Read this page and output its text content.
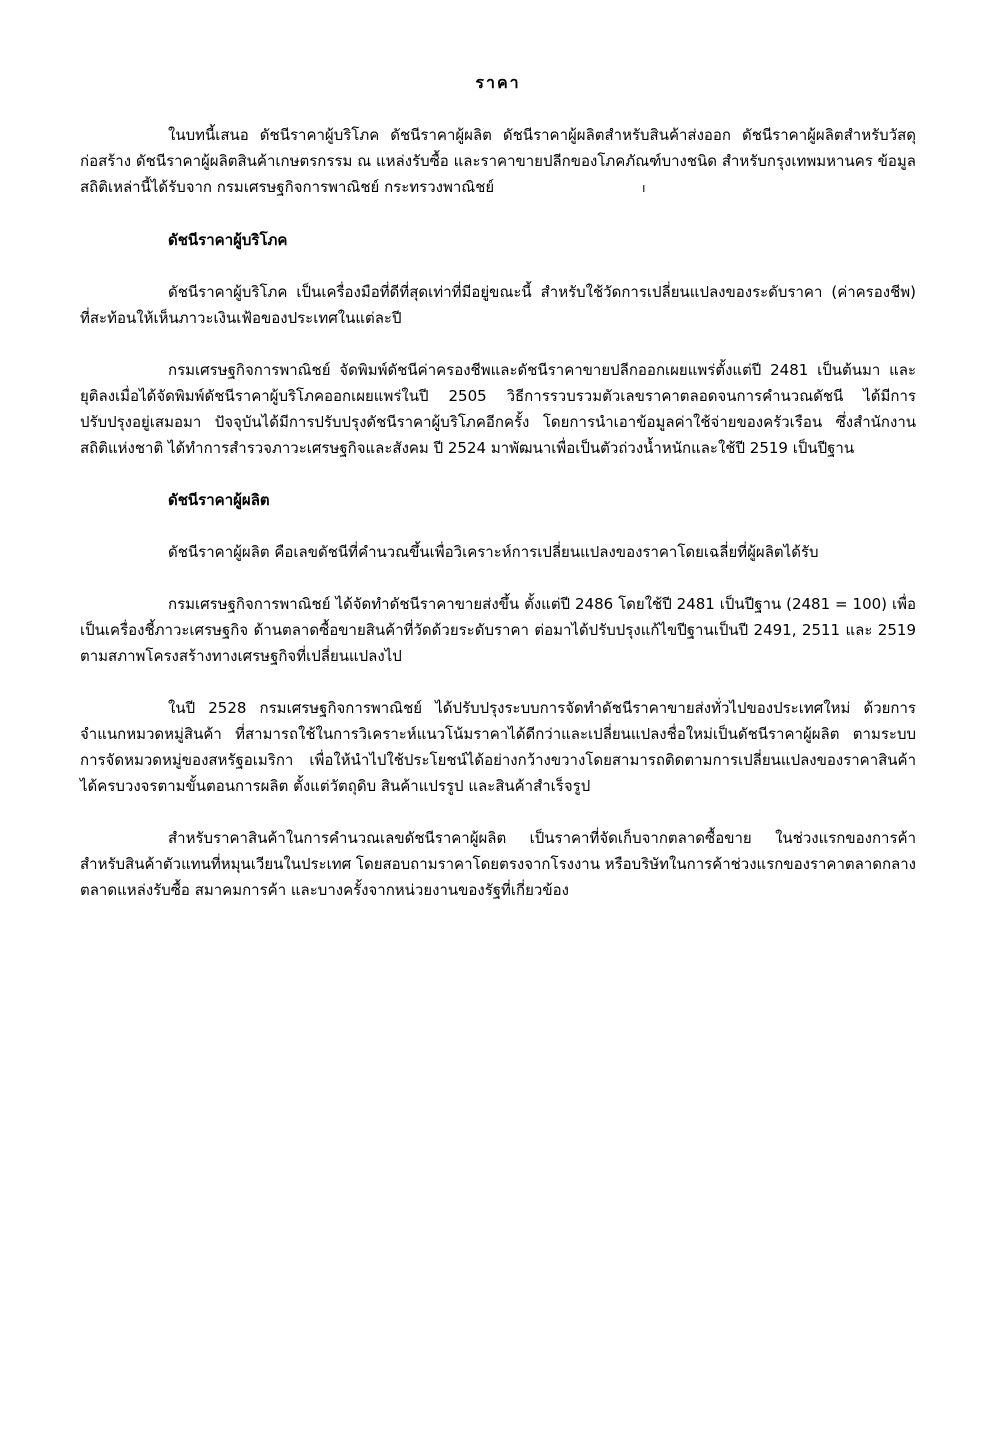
ราคา

ในบทนี้เสนอ ดัชนีราคาผู้บริโภค ดัชนีราคาผู้ผลิต ดัชนีราคาผู้ผลิตสำหรับสินค้าส่งออก ดัชนีราคาผู้ผลิตสำหรับวัสดุก่อสร้าง ดัชนีราคาผู้ผลิตสินค้าเกษตรกรรม ณ แหล่งรับซื้อ และราคาขายปลีกของโภคภัณฑ์บางชนิด สำหรับกรุงเทพมหานคร ข้อมูลสถิติเหล่านี้ได้รับจาก กรมเศรษฐกิจการพาณิชย์ กระทรวงพาณิชย์	ı

ดัชนีราคาผู้บริโภค

ดัชนีราคาผู้บริโภค เป็นเครื่องมือที่ดีที่สุดเท่าที่มีอยู่ขณะนี้ สำหรับใช้วัดการเปลี่ยนแปลงของระดับราคา (ค่าครองชีพ) ที่สะท้อนให้เห็นภาวะเงินเฟ้อของประเทศในแต่ละปี

กรมเศรษฐกิจการพาณิชย์ จัดพิมพ์ดัชนีค่าครองชีพและดัชนีราคาขายปลีกออกเผยแพร่ตั้งแต่ปี 2481 เป็นต้นมา และยุติลงเมื่อได้จัดพิมพ์ดัชนีราคาผู้บริโภคออกเผยแพร่ในปี 2505 วิธีการรวบรวมตัวเลขราคาตลอดจนการคำนวณดัชนี ได้มีการปรับปรุงอยู่เสมอมา ปัจจุบันได้มีการปรับปรุงดัชนีราคาผู้บริโภคอีกครั้ง โดยการนำเอาข้อมูลค่าใช้จ่ายของครัวเรือน ซึ่งสำนักงานสถิติแห่งชาติ ได้ทำการสำรวจภาวะเศรษฐกิจและสังคม ปี 2524 มาพัฒนาเพื่อเป็นตัวถ่วงน้ำหนักและใช้ปี 2519 เป็นปีฐาน

ดัชนีราคาผู้ผลิต

ดัชนีราคาผู้ผลิต คือเลขดัชนีที่คำนวณขึ้นเพื่อวิเคราะห์การเปลี่ยนแปลงของราคาโดยเฉลี่ยที่ผู้ผลิตได้รับ

กรมเศรษฐกิจการพาณิชย์ ได้จัดทำดัชนีราคาขายส่งขึ้น ตั้งแต่ปี 2486 โดยใช้ปี 2481 เป็นปีฐาน (2481 = 100) เพื่อเป็นเครื่องชี้ภาวะเศรษฐกิจ ด้านตลาดซื้อขายสินค้าที่วัดด้วยระดับราคา ต่อมาได้ปรับปรุงแก้ไขปีฐานเป็นปี 2491, 2511 และ 2519 ตามสภาพโครงสร้างทางเศรษฐกิจที่เปลี่ยนแปลงไป

ในปี 2528 กรมเศรษฐกิจการพาณิชย์ ได้ปรับปรุงระบบการจัดทำดัชนีราคาขายส่งทั่วไปของประเทศใหม่ ด้วยการจำแนกหมวดหมู่สินค้า ที่สามารถใช้ในการวิเคราะห์แนวโน้มราคาได้ดีกว่าและเปลี่ยนแปลงชื่อใหม่เป็นดัชนีราคาผู้ผลิต ตามระบบการจัดหมวดหมู่ของสหรัฐอเมริกา เพื่อให้นำไปใช้ประโยชน์ได้อย่างกว้างขวางโดยสามารถติดตามการเปลี่ยนแปลงของราคาสินค้าได้ครบวงจรตามขั้นตอนการผลิต ตั้งแต่วัตถุดิบ สินค้าแปรรูป และสินค้าสำเร็จรูป

สำหรับราคาสินค้าในการคำนวณเลขดัชนีราคาผู้ผลิต เป็นราคาที่จัดเก็บจากตลาดซื้อขาย ในช่วงแรกของการค้า สำหรับสินค้าตัวแทนที่หมุนเวียนในประเทศ โดยสอบถามราคาโดยตรงจากโรงงาน หรือบริษัทในการค้าช่วงแรกของราคาตลาดกลาง ตลาดแหล่งรับซื้อ สมาคมการค้า และบางครั้งจากหน่วยงานของรัฐที่เกี่ยวข้อง
